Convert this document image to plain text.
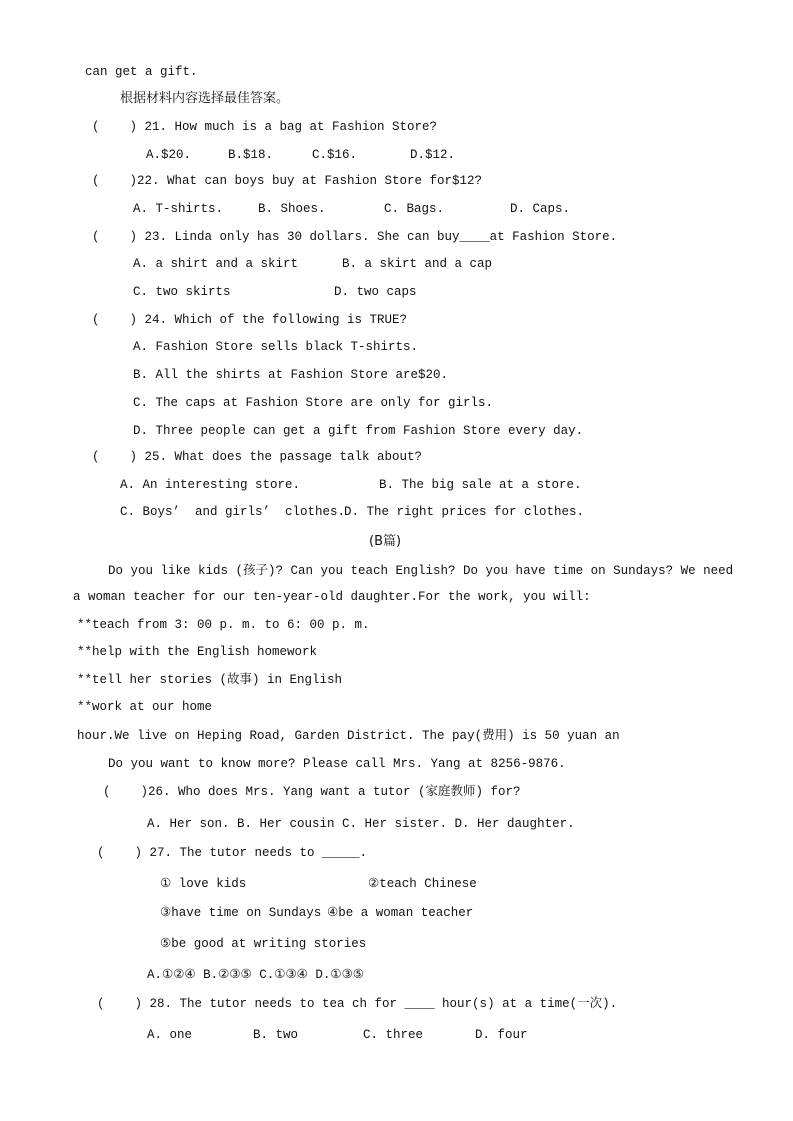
can get a gift.
根据材料内容选择最佳答案。
(    ) 21. How much is a bag at Fashion Store?
A.$20.	B.$18.	C.$16.	D.$12.
(    )22. What can boys buy at Fashion Store for$12?
A. T-shirts.	B. Shoes.	C. Bags.	D. Caps.
(    ) 23. Linda only has 30 dollars. She can buy____at Fashion Store.
A. a shirt and a skirt	B. a skirt and a cap
C. two skirts	D. two caps
(    ) 24. Which of the following is TRUE?
A. Fashion Store sells black T-shirts.
B. All the shirts at Fashion Store are$20.
C. The caps at Fashion Store are only for girls.
D. Three people can get a gift from Fashion Store every day.
(    ) 25. What does the passage talk about?
A. An interesting store.	B. The big sale at a store.
C. Boys’  and girls’  clothes.
D. The right prices for clothes.
(B篇)
Do you like kids (孩子)? Can you teach English? Do you have time on Sundays? We need
a woman teacher for our ten-year-old daughter.For the work, you will:
**teach from 3: 00 p. m. to 6: 00 p. m.
**help with the English homework
**tell her stories (故事) in English
**work at our home
hour.We live on Heping Road, Garden District. The pay(费用) is 50 yuan an
Do you want to know more? Please call Mrs. Yang at 8256-9876.
(    )26. Who does Mrs. Yang want a tutor (家庭教师) for?
A. Her son. B. Her cousin C. Her sister. D. Her daughter.
(    ) 27. The tutor needs to _____.
① love kids	②teach Chinese
③have time on Sundays ④be a woman teacher
⑤be good at writing stories
A.①②④ B.②③⑤ C.①③④ D.①③⑤
(    ) 28. The tutor needs to tea ch for ____ hour(s) at a time(一次).
A. one	B. two	C. three	D. four
